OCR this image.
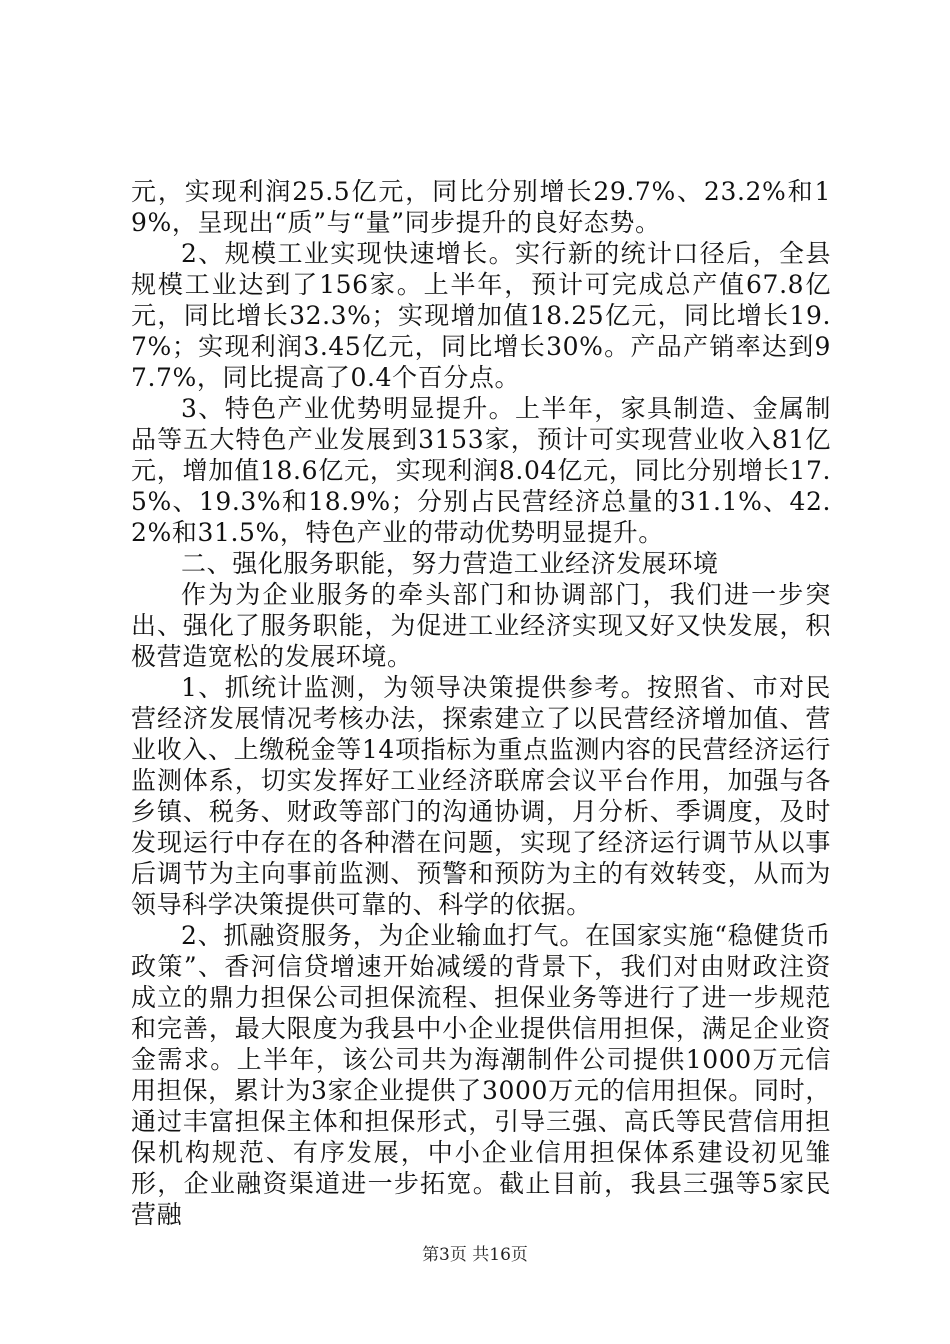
元，实现利润25.5亿元，同比分别增长29.7%、23.2%和19%，呈现出“质”与“量”同步提升的良好态势。

2、规模工业实现快速增长。实行新的统计口径后，全县规模工业达到了156家。上半年，预计可完成总产值67.8亿元，同比增长32.3%；实现增加值18.25亿元，同比增长19.7%；实现利润3.45亿元，同比增长30%。产品产销率达到97.7%，同比提高了0.4个百分点。

3、特色产业优势明显提升。上半年，家具制造、金属制品等五大特色产业发展到3153家，预计可实现营业收入81亿元，增加值18.6亿元，实现利润8.04亿元，同比分别增长17.5%、19.3%和18.9%；分别占民营经济总量的31.1%、42.2%和31.5%，特色产业的带动优势明显提升。

二、强化服务职能，努力营造工业经济发展环境

作为为企业服务的牵头部门和协调部门，我们进一步突出、强化了服务职能，为促进工业经济实现又好又快发展，积极营造宽松的发展环境。

1、抓统计监测，为领导决策提供参考。按照省、市对民营经济发展情况考核办法，探索建立了以民营经济增加值、营业收入、上缴税金等14项指标为重点监测内容的民营经济运行监测体系，切实发挥好工业经济联席会议平台作用，加强与各乡镇、税务、财政等部门的沟通协调，月分析、季调度，及时发现运行中存在的各种潜在问题，实现了经济运行调节从以事后调节为主向事前监测、预警和预防为主的有效转变，从而为领导科学决策提供可靠的、科学的依据。

2、抓融资服务，为企业输血打气。在国家实施“稳健货币政策”、香河信贷增速开始减缓的背景下，我们对由财政注资成立的鼎力担保公司担保流程、担保业务等进行了进一步规范和完善，最大限度为我县中小企业提供信用担保，满足企业资金需求。上半年，该公司共为海潮制件公司提供1000万元信用担保，累计为3家企业提供了3000万元的信用担保。同时，通过丰富担保主体和担保形式，引导三强、高氏等民营信用担保机构规范、有序发展，中小企业信用担保体系建设初见雏形，企业融资渠道进一步拓宽。截止目前，我县三强等5家民营融

第3页 共16页
